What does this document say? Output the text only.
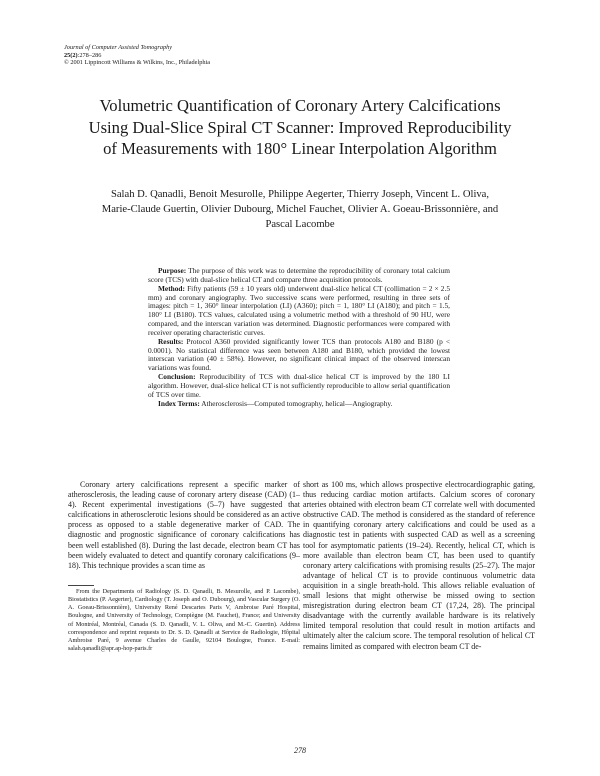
Journal of Computer Assisted Tomography
25(2):278–286
© 2001 Lippincott Williams & Wilkins, Inc., Philadelphia
Volumetric Quantification of Coronary Artery Calcifications
Using Dual-Slice Spiral CT Scanner: Improved Reproducibility
of Measurements with 180° Linear Interpolation Algorithm
Salah D. Qanadli, Benoit Mesurolle, Philippe Aegerter, Thierry Joseph, Vincent L. Oliva,
Marie-Claude Guertin, Olivier Dubourg, Michel Fauchet, Olivier A. Goeau-Brissonnière, and
Pascal Lacombe

Purpose: The purpose of this work was to determine the reproducibility of coronary total calcium score (TCS) with dual-slice helical CT and compare three acquisition protocols.

Method: Fifty patients (59 ± 10 years old) underwent dual-slice helical CT (collimation = 2 × 2.5 mm) and coronary angiography. Two successive scans were performed, resulting in three sets of images: pitch = 1, 360° linear interpolation (LI) (A360); pitch = 1, 180° LI (A180); and pitch = 1.5, 180° LI (B180). TCS values, calculated using a volumetric method with a threshold of 90 HU, were compared, and the interscan variation was determined. Diagnostic performances were compared with receiver operating characteristic curves.

Results: Protocol A360 provided significantly lower TCS than protocols A180 and B180 (p < 0.0001). No statistical difference was seen between A180 and B180, which provided the lowest interscan variation (40 ± 58%). However, no significant clinical impact of the observed interscan variations was found.

Conclusion: Reproducibility of TCS with dual-slice helical CT is improved by the 180 LI algorithm. However, dual-slice helical CT is not sufficiently reproducible to allow serial quantification of TCS over time.

Index Terms: Atherosclerosis—Computed tomography, helical—Angiography.

Coronary artery calcifications represent a specific marker of atherosclerosis, the leading cause of coronary artery disease (CAD) (1–4). Recent experimental investigations (5–7) have suggested that calcifications in atherosclerotic lesions should be considered as an active process as opposed to a stable degenerative marker of CAD. The diagnostic and prognostic significance of coronary calcifications has been well established (8). During the last decade, electron beam CT has been widely evaluated to detect and quantify coronary calcifications (9–18). This technique provides a scan time as

From the Departments of Radiology (S. D. Qanadli, B. Mesurolle, and P. Lacombe), Biostatistics (P. Aegerter), Cardiology (T. Joseph and O. Dubourg), and Vascular Surgery (O. A. Goeau-Brissonnière), University René Descartes Paris V, Ambroise Paré Hospital, Boulogne, and University of Technology, Compiègne (M. Fauchet), France; and University of Montréal, Montréal, Canada (S. D. Qanadli, V. L. Oliva, and M.-C. Guertin). Address correspondence and reprint requests to Dr. S. D. Qanadli at Service de Radiologie, Hôpital Ambroise Paré, 9 avenue Charles de Gaulle, 92104 Boulogne, France. E-mail: salah.qanadli@apr.ap-hop-paris.fr

short as 100 ms, which allows prospective electrocardiographic gating, thus reducing cardiac motion artifacts. Calcium scores of coronary arteries obtained with electron beam CT correlate well with documented obstructive CAD. The method is considered as the standard of reference in quantifying coronary artery calcifications and could be used as a diagnostic test in patients with suspected CAD as well as a screening tool for asymptomatic patients (19–24). Recently, helical CT, which is more available than electron beam CT, has been used to quantify coronary artery calcifications with promising results (25–27). The major advantage of helical CT is to provide continuous volumetric data acquisition in a single breath-hold. This allows reliable evaluation of small lesions that might otherwise be missed owing to section misregistration during electron beam CT (17,24, 28). The principal disadvantage with the currently available hardware is its relatively limited temporal resolution that could result in motion artifacts and ultimately alter the calcium score. The temporal resolution of helical CT remains limited as compared with electron beam CT de-

278
